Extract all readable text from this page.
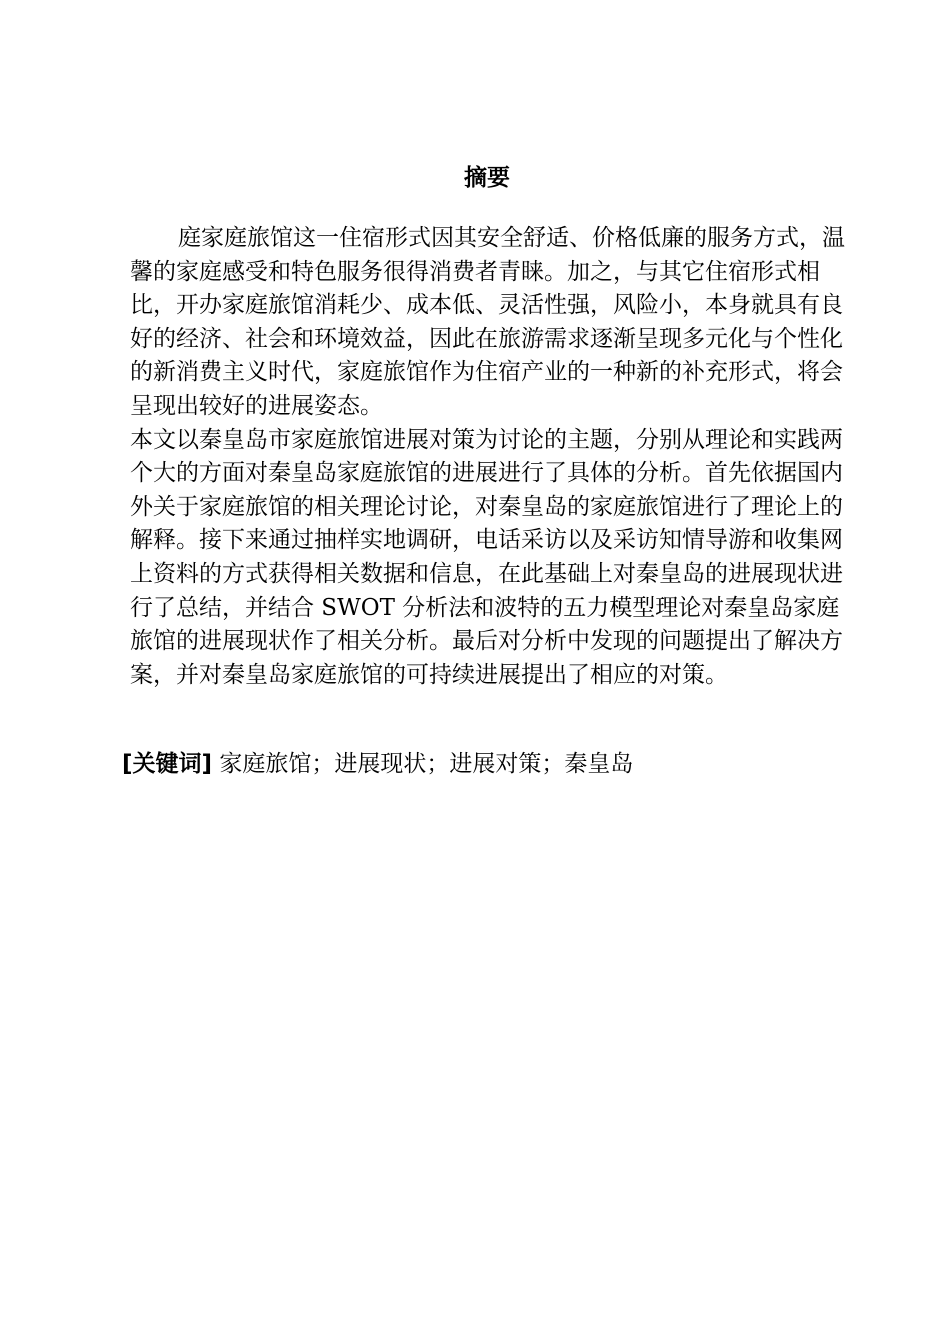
摘要

庭家庭旅馆这一住宿形式因其安全舒适、价格低廉的服务方式，温馨的家庭感受和特色服务很得消费者青睐。加之，与其它住宿形式相比，开办家庭旅馆消耗少、成本低、灵活性强，风险小，本身就具有良好的经济、社会和环境效益，因此在旅游需求逐渐呈现多元化与个性化的新消费主义时代，家庭旅馆作为住宿产业的一种新的补充形式，将会呈现出较好的进展姿态。

本文以秦皇岛市家庭旅馆进展对策为讨论的主题，分别从理论和实践两个大的方面对秦皇岛家庭旅馆的进展进行了具体的分析。首先依据国内外关于家庭旅馆的相关理论讨论，对秦皇岛的家庭旅馆进行了理论上的解释。接下来通过抽样实地调研，电话采访以及采访知情导游和收集网上资料的方式获得相关数据和信息，在此基础上对秦皇岛的进展现状进行了总结，并结合 SWOT 分析法和波特的五力模型理论对秦皇岛家庭旅馆的进展现状作了相关分析。最后对分析中发现的问题提出了解决方案，并对秦皇岛家庭旅馆的可持续进展提出了相应的对策。

[关键词] 家庭旅馆；进展现状；进展对策；秦皇岛
